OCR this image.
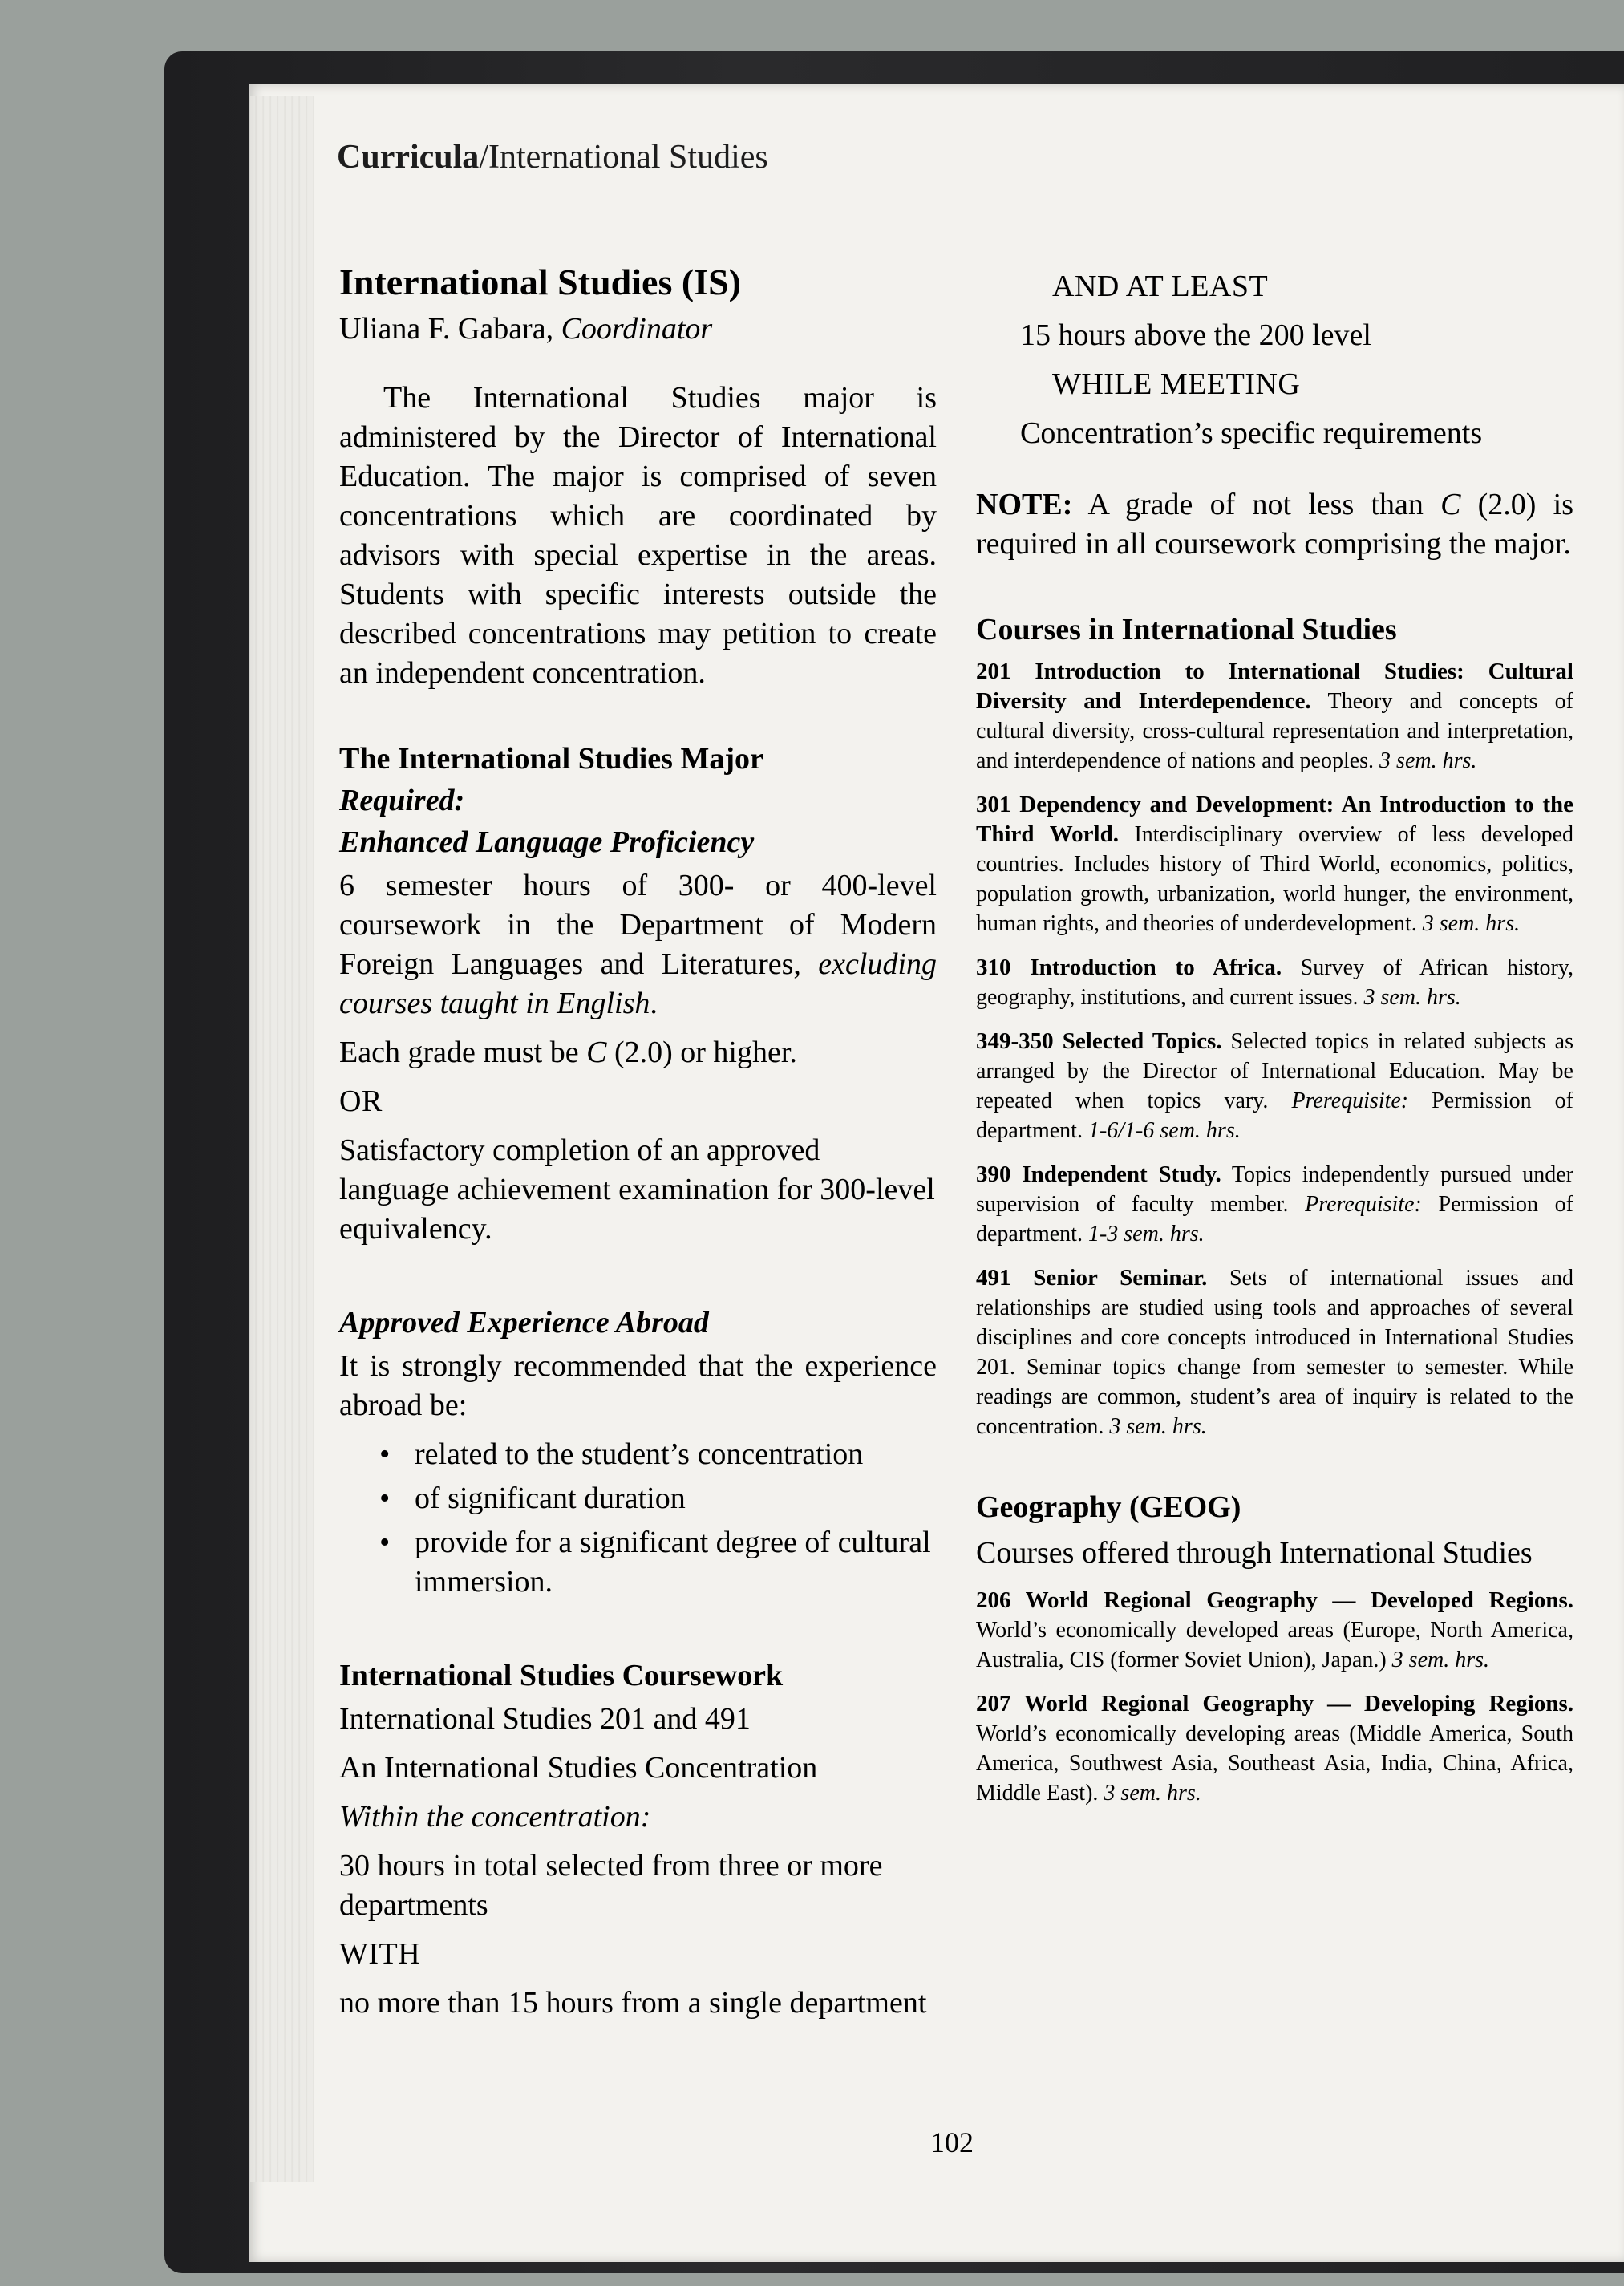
Curricula/International Studies
International Studies (IS)
Uliana F. Gabara, Coordinator

The International Studies major is administered by the Director of International Education. The major is comprised of seven concentrations which are coordinated by advisors with special expertise in the areas. Students with specific interests outside the described concentrations may petition to create an independent concentration.

The International Studies Major
Required:
Enhanced Language Proficiency

6 semester hours of 300- or 400-level coursework in the Department of Modern Foreign Languages and Literatures, excluding courses taught in English.

Each grade must be C (2.0) or higher.

OR

Satisfactory completion of an approved language achievement examination for 300-level equivalency.

Approved Experience Abroad

It is strongly recommended that the experience abroad be:

• related to the student’s concentration
• of significant duration
• provide for a significant degree of cultural immersion.
International Studies Coursework

International Studies 201 and 491

An International Studies Concentration

Within the concentration:

30 hours in total selected from three or more departments

WITH

no more than 15 hours from a single department

AND AT LEAST

15 hours above the 200 level

WHILE MEETING

Concentration’s specific requirements

NOTE: A grade of not less than C (2.0) is required in all coursework comprising the major.

Courses in International Studies

201 Introduction to International Studies: Cultural Diversity and Interdependence. Theory and concepts of cultural diversity, cross-cultural representation and interpretation, and interdependence of nations and peoples. 3 sem. hrs.

301 Dependency and Development: An Introduction to the Third World. Interdisciplinary overview of less developed countries. Includes history of Third World, economics, politics, population growth, urbanization, world hunger, the environment, human rights, and theories of underdevelopment. 3 sem. hrs.

310 Introduction to Africa. Survey of African history, geography, institutions, and current issues. 3 sem. hrs.

349-350 Selected Topics. Selected topics in related subjects as arranged by the Director of International Education. May be repeated when topics vary. Prerequisite: Permission of department. 1-6/1-6 sem. hrs.

390 Independent Study. Topics independently pursued under supervision of faculty member. Prerequisite: Permission of department. 1-3 sem. hrs.

491 Senior Seminar. Sets of international issues and relationships are studied using tools and approaches of several disciplines and core concepts introduced in International Studies 201. Seminar topics change from semester to semester. While readings are common, student’s area of inquiry is related to the concentration. 3 sem. hrs.

Geography (GEOG)

Courses offered through International Studies

206 World Regional Geography — Developed Regions. World’s economically developed areas (Europe, North America, Australia, CIS (former Soviet Union), Japan.) 3 sem. hrs.

207 World Regional Geography — Developing Regions. World’s economically developing areas (Middle America, South America, Southwest Asia, Southeast Asia, India, China, Africa, Middle East). 3 sem. hrs.

102
